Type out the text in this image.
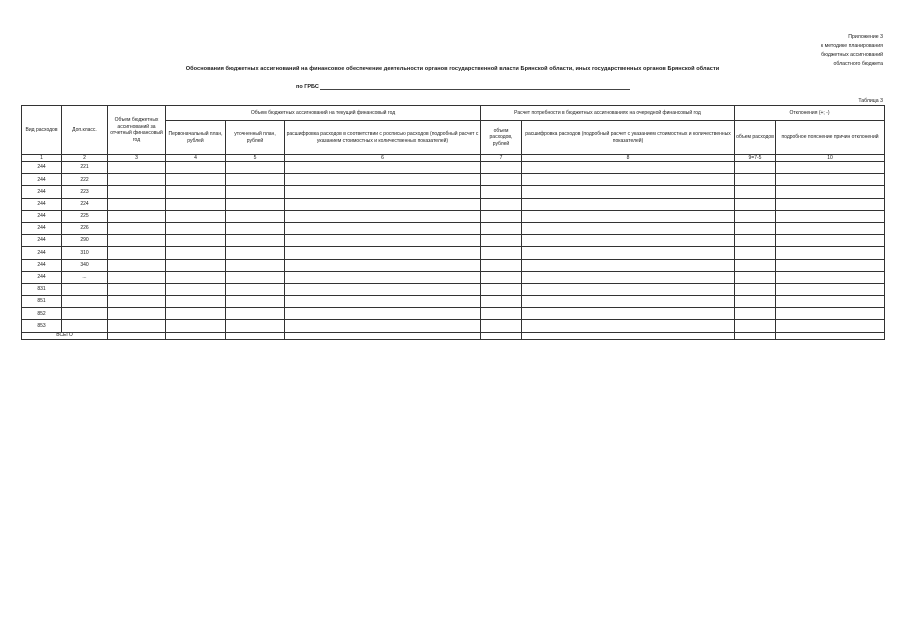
Приложение 3
к методике планирования
бюджетных ассигнований
областного бюджета
Обоснования бюджетных ассигнований на финансовое обеспечение деятельности органов государственной власти Брянской области, иных государственных органов Брянской области
по ГРБС
Таблица 3
Вид расходов	Доп.класс.	Объем бюджетных ассигнований за отчетный финансовый год	Объем бюджетных ассигнований на текущий финансовый год			Расчет потребности в бюджетных ассигнованиях на очередной финансовый год		Отклонения (+; -)	
			Первоначальный план, рублей	уточненный план, рублей	расшифровка расходов в соответствии с росписью расходов (подробный расчет с указанием стоимостных и количественных показателей)	объем расходов, рублей	расшифровка расходов (подробный расчет с указанием стоимостных и количественных показателей)	объем расходов	подробное пояснение причин отклонений
1	2	3	4	5	6	7	8	9=7-5	10
244	221								
244	222								
244	223								
244	224								
244	225								
244	226								
244	290								
244	310								
244	340								
244	...								
831									
851									
852									
853									
ВСЕГО									
